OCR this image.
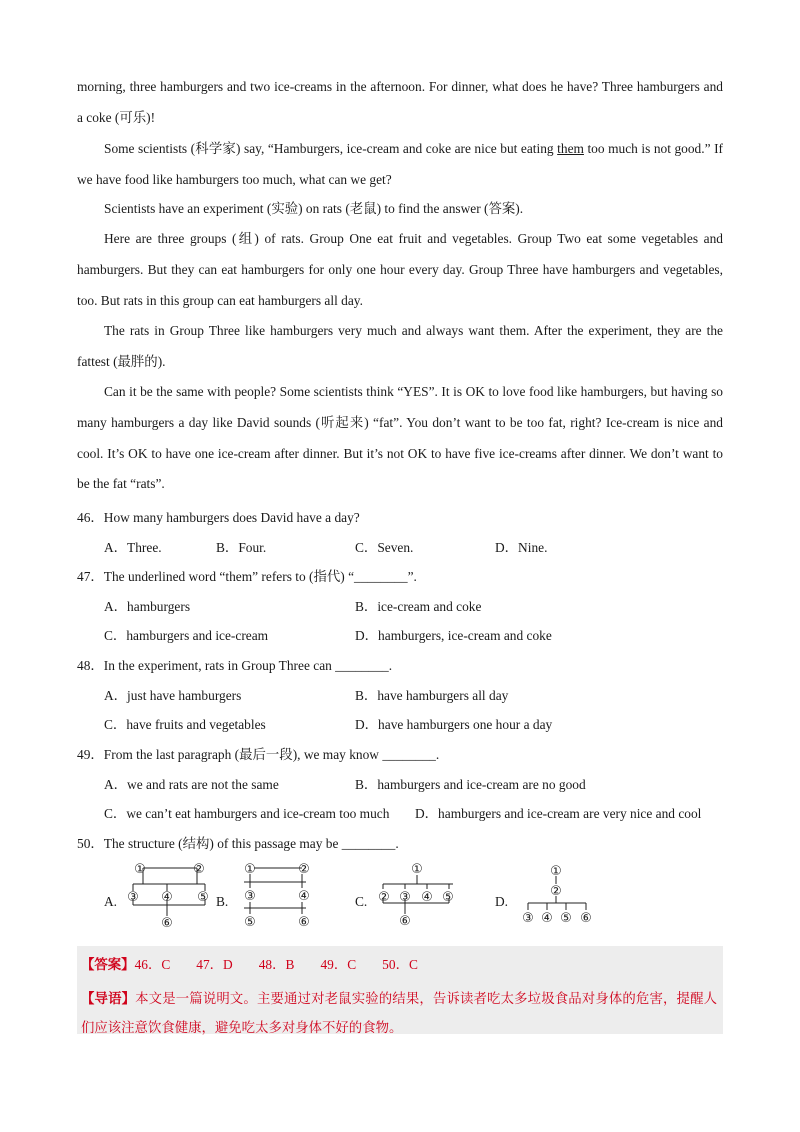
morning, three hamburgers and two ice-creams in the afternoon. For dinner, what does he have? Three hamburgers and a coke (可乐)!

Some scientists (科学家) say, “Hamburgers, ice-cream and coke are nice but eating them too much is not good.” If we have food like hamburgers too much, what can we get?

Scientists have an experiment (实验) on rats (老鼠) to find the answer (答案).

Here are three groups (组) of rats. Group One eat fruit and vegetables. Group Two eat some vegetables and hamburgers. But they can eat hamburgers for only one hour every day. Group Three have hamburgers and vegetables, too. But rats in this group can eat hamburgers all day.

The rats in Group Three like hamburgers very much and always want them. After the experiment, they are the fattest (最胖的).

Can it be the same with people? Some scientists think “YES”. It is OK to love food like hamburgers, but having so many hamburgers a day like David sounds (听起来) “fat”. You don’t want to be too fat, right? Ice-cream is nice and cool. It’s OK to have one ice-cream after dinner. But it’s not OK to have five ice-creams after dinner. We don’t want to be the fat “rats”.

46．How many hamburgers does David have a day?
A．Three.	B．Four.	C．Seven.	D．Nine.
47．The underlined word “them” refers to (指代) “________”.
A．hamburgers	B．ice-cream and coke
C．hamburgers and ice-cream	D．hamburgers, ice-cream and coke
48．In the experiment, rats in Group Three can ________.
A．just have hamburgers	B．have hamburgers all day
C．have fruits and vegetables	D．have hamburgers one hour a day
49．From the last paragraph (最后一段), we may know ________.
A．we and rats are not the same	B．hamburgers and ice-cream are no good
C．we can’t eat hamburgers and ice-cream too much D．hamburgers and ice-cream are very nice and cool
50．The structure (结构) of this passage may be ________.
A.	B.	C.	D.
①	②
③ ④ ⑤
⑥
①	②
③	④
⑤	⑥
①
② ③ ④ ⑤
⑥
①
②
③ ④ ⑤ ⑥
【答案】46．C 47．D 48．B 49．C 50．C
【导语】本文是一篇说明文。主要通过对老鼠实验的结果，告诉读者吃太多垃圾食品对身体的危害，提醒人们应该注意饮食健康，避免吃太多对身体不好的食物。
